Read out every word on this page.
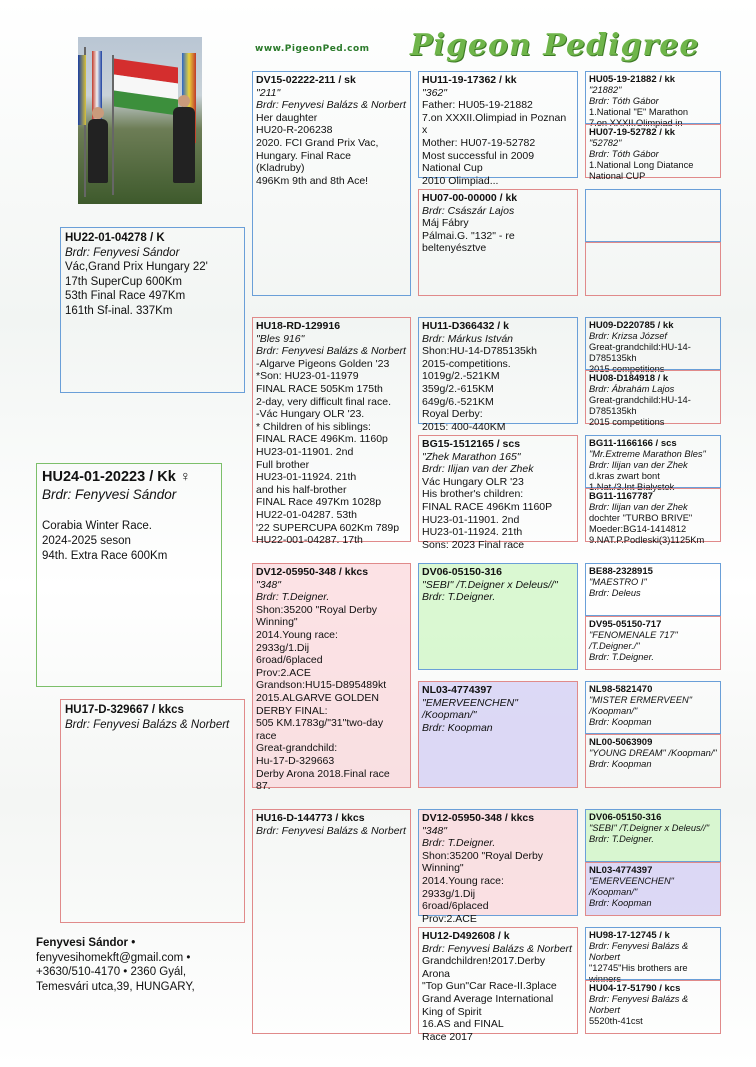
www.PigeonPed.com Pigeon Pedigree
HU22-01-04278 / K
Brdr: Fenyvesi Sándor
Vác,Grand Prix Hungary 22'
17th SuperCup 600Km
53th Final Race 497Km
161th Sf-inal. 337Km
HU24-01-20223 / Kk ♀
Brdr: Fenyvesi Sándor
Corabia Winter Race.
2024-2025 seson
94th. Extra Race 600Km
HU17-D-329667 / kkcs
Brdr: Fenyvesi Balázs & Norbert
DV15-02222-211 / sk
"211"
Brdr: Fenyvesi Balázs & Norbert
Her daughter
HU20-R-206238
2020. FCI Grand Prix Vac,
Hungary. Final Race
(Kladruby)
496Km 9th and 8th Ace!
HU18-RD-129916
"Bles 916"
Brdr: Fenyvesi Balázs & Norbert
-Algarve Pigeons Golden '23
*Son: HU23-01-11979
FINAL RACE 505Km 175th
2-day, very difficult final race.
-Vác Hungary OLR '23.
* Children of his siblings:
FINAL RACE 496Km. 1160p
HU23-01-11901. 2nd
Full brother
HU23-01-11924. 21th
and his half-brother
FINAL Race 497Km 1028p
HU22-01-04287. 53th
'22 SUPERCUPA 602Km 789p
HU22-001-04287. 17th
DV12-05950-348 / kkcs
"348"
Brdr: T.Deigner.
Shon:35200 "Royal Derby
Winning"
2014.Young race:
2933g/1.Dij
6road/6placed
Prov:2.ACE
Grandson:HU15-D895489kt
2015.ALGARVE GOLDEN
DERBY FINAL:
505 KM.1783g/"31"two-day
race
Great-grandchild:
Hu-17-D-329663
Derby Arona 2018.Final race
87.
HU16-D-144773 / kkcs
Brdr: Fenyvesi Balázs & Norbert
HU11-19-17362 / kk
"362"
Father: HU05-19-21882
7.on XXXII.Olimpiad in Poznan
x
Mother: HU07-19-52782
Most successful in 2009
National Cup
2010 Olimpiad...
HU07-00-00000 / kk
Brdr: Császár Lajos
Máj Fábry
Pálmai.G. "132" - re
beltenyésztve
HU11-D366432 / k
Brdr: Márkus István
Shon:HU-14-D785135kh
2015-competitions.
1019g/2.-521KM
359g/2.-615KM
649g/6.-521KM
Royal Derby:
2015: 400-440KM
BG15-1512165 / scs
"Zhek Marathon 165"
Brdr: Ilijan van der Zhek
Vác Hungary OLR '23
His brother's children:
FINAL RACE 496Km 1160P
HU23-01-11901. 2nd
HU23-01-11924. 21th
Sons: 2023 Final race
DV06-05150-316
"SEBI" /T.Deigner x Deleus//"
Brdr: T.Deigner.
NL03-4774397
"EMERVEENCHEN" /Koopman/"
Brdr: Koopman
DV12-05950-348 / kkcs
"348"
Brdr: T.Deigner.
Shon:35200 "Royal Derby
Winning"
2014.Young race:
2933g/1.Dij
6road/6placed
Prov:2.ACE
HU12-D492608 / k
Brdr: Fenyvesi Balázs & Norbert
Grandchildren!2017.Derby
Arona
"Top Gun"Car Race-II.3place
Grand Average International
King of Spirit
16.AS and FINAL
Race 2017
HU05-19-21882 / kk
"21882"
Brdr: Tóth Gábor
1.National "E" Marathon
7.on XXXII.Olimpiad in
HU07-19-52782 / kk
"52782"
Brdr: Tóth Gábor
1.National Long Diatance
National CUP
HU09-D220785 / kk
Brdr: Krizsa József
Great-grandchild:HU-14-
D785135kh
2015 competitions
HU08-D184918 / k
Brdr: Ábrahám Lajos
Great-grandchild:HU-14-
D785135kh
2015 competitions
BG11-1166166 / scs
"Mr.Extreme Marathon Bles"
Brdr: Ilijan van der Zhek
d.kras zwart bont
1.Nat./3.Int Bialystok
BG11-1167787
Brdr: Ilijan van der Zhek
dochter "TURBO BRIVE"
Moeder:BG14-1414812
9.NAT.P.Podleski(3)1125Km
BE88-2328915
"MAESTRO I"
Brdr: Deleus
DV95-05150-717
"FENOMENALE 717" /T.Deigner./"
Brdr: T.Deigner.
NL98-5821470
"MISTER ERMERVEEN" /Koopman/"
Brdr: Koopman
NL00-5063909
"YOUNG DREAM" /Koopman/"
Brdr: Koopman
DV06-05150-316
"SEBI" /T.Deigner x Deleus//"
Brdr: T.Deigner.
NL03-4774397
"EMERVEENCHEN" /Koopman/"
Brdr: Koopman
HU98-17-12745 / k
Brdr: Fenyvesi Balázs & Norbert
"12745"His brothers are
winners
HU04-17-51790 / kcs
Brdr: Fenyvesi Balázs & Norbert
5520th-41cst
Fenyvesi Sándor •
fenyvesihomekft@gmail.com •
+3630/510-4170 • 2360 Gyál,
Temesvári utca,39, HUNGARY,
